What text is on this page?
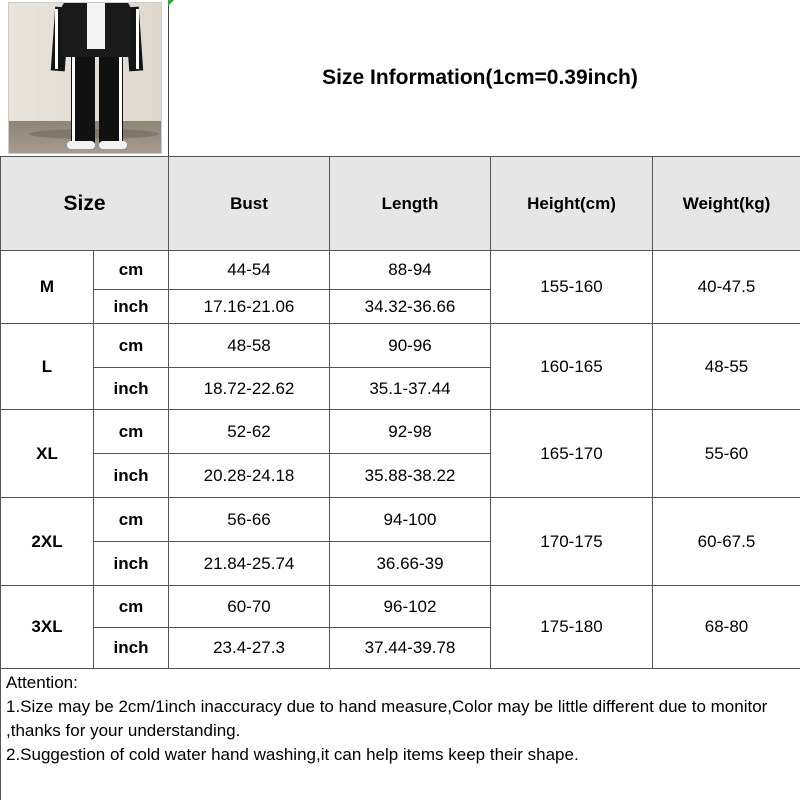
Size Information(1cm=0.39inch)
Size		Bust	Length	Height(cm)	Weight(kg)
M	cm	44-54	88-94	155-160	40-47.5
	inch	17.16-21.06	34.32-36.66		
L	cm	48-58	90-96	160-165	48-55
	inch	18.72-22.62	35.1-37.44		
XL	cm	52-62	92-98	165-170	55-60
	inch	20.28-24.18	35.88-38.22		
2XL	cm	56-66	94-100	170-175	60-67.5
	inch	21.84-25.74	36.66-39		
3XL	cm	60-70	96-102	175-180	68-80
	inch	23.4-27.3	37.44-39.78		
Attention:
1.Size may be 2cm/1inch inaccuracy due to hand measure,Color may be little different due to monitor ,thanks for your understanding.
2.Suggestion of cold water hand washing,it can help items keep their shape.
